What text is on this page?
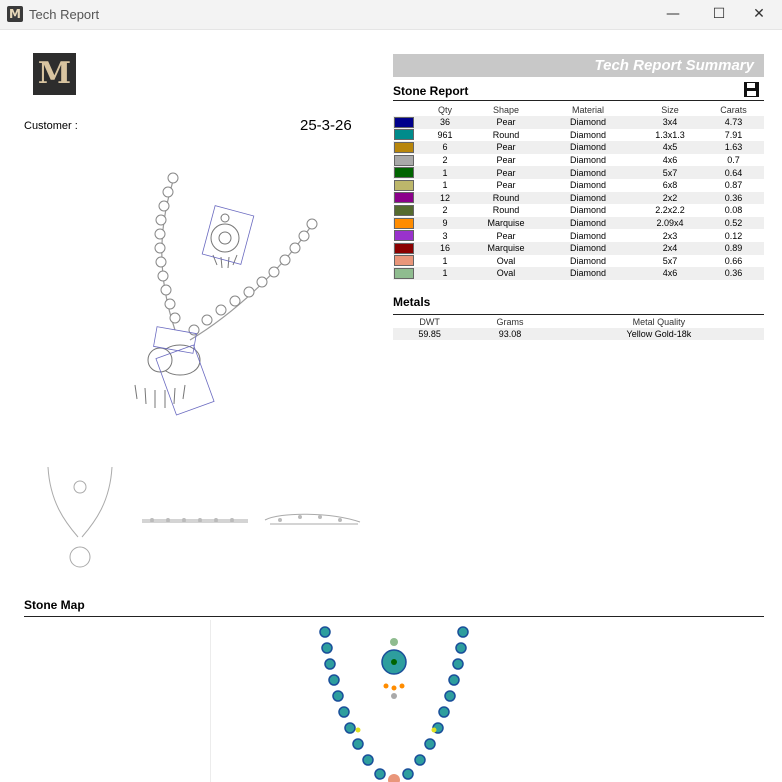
M Tech Report	—	☐	✕
M
Customer :	25-3-26
Tech Report Summary
Stone Report
	Qty	Shape	Material	Size	Carats

	36	Pear	Diamond	3x4	4.73

	961	Round	Diamond	1.3x1.3	7.91

	6	Pear	Diamond	4x5	1.63

	2	Pear	Diamond	4x6	0.7

	1	Pear	Diamond	5x7	0.64

	1	Pear	Diamond	6x8	0.87

	12	Round	Diamond	2x2	0.36

	2	Round	Diamond	2.2x2.2	0.08

	9	Marquise	Diamond	2.09x4	0.52

	3	Pear	Diamond	2x3	0.12

	16	Marquise	Diamond	2x4	0.89

	1	Oval	Diamond	5x7	0.66

	1	Oval	Diamond	4x6	0.36
Metals
DWT	Grams	Metal Quality
59.85	93.08	Yellow Gold-18k
Stone Map
